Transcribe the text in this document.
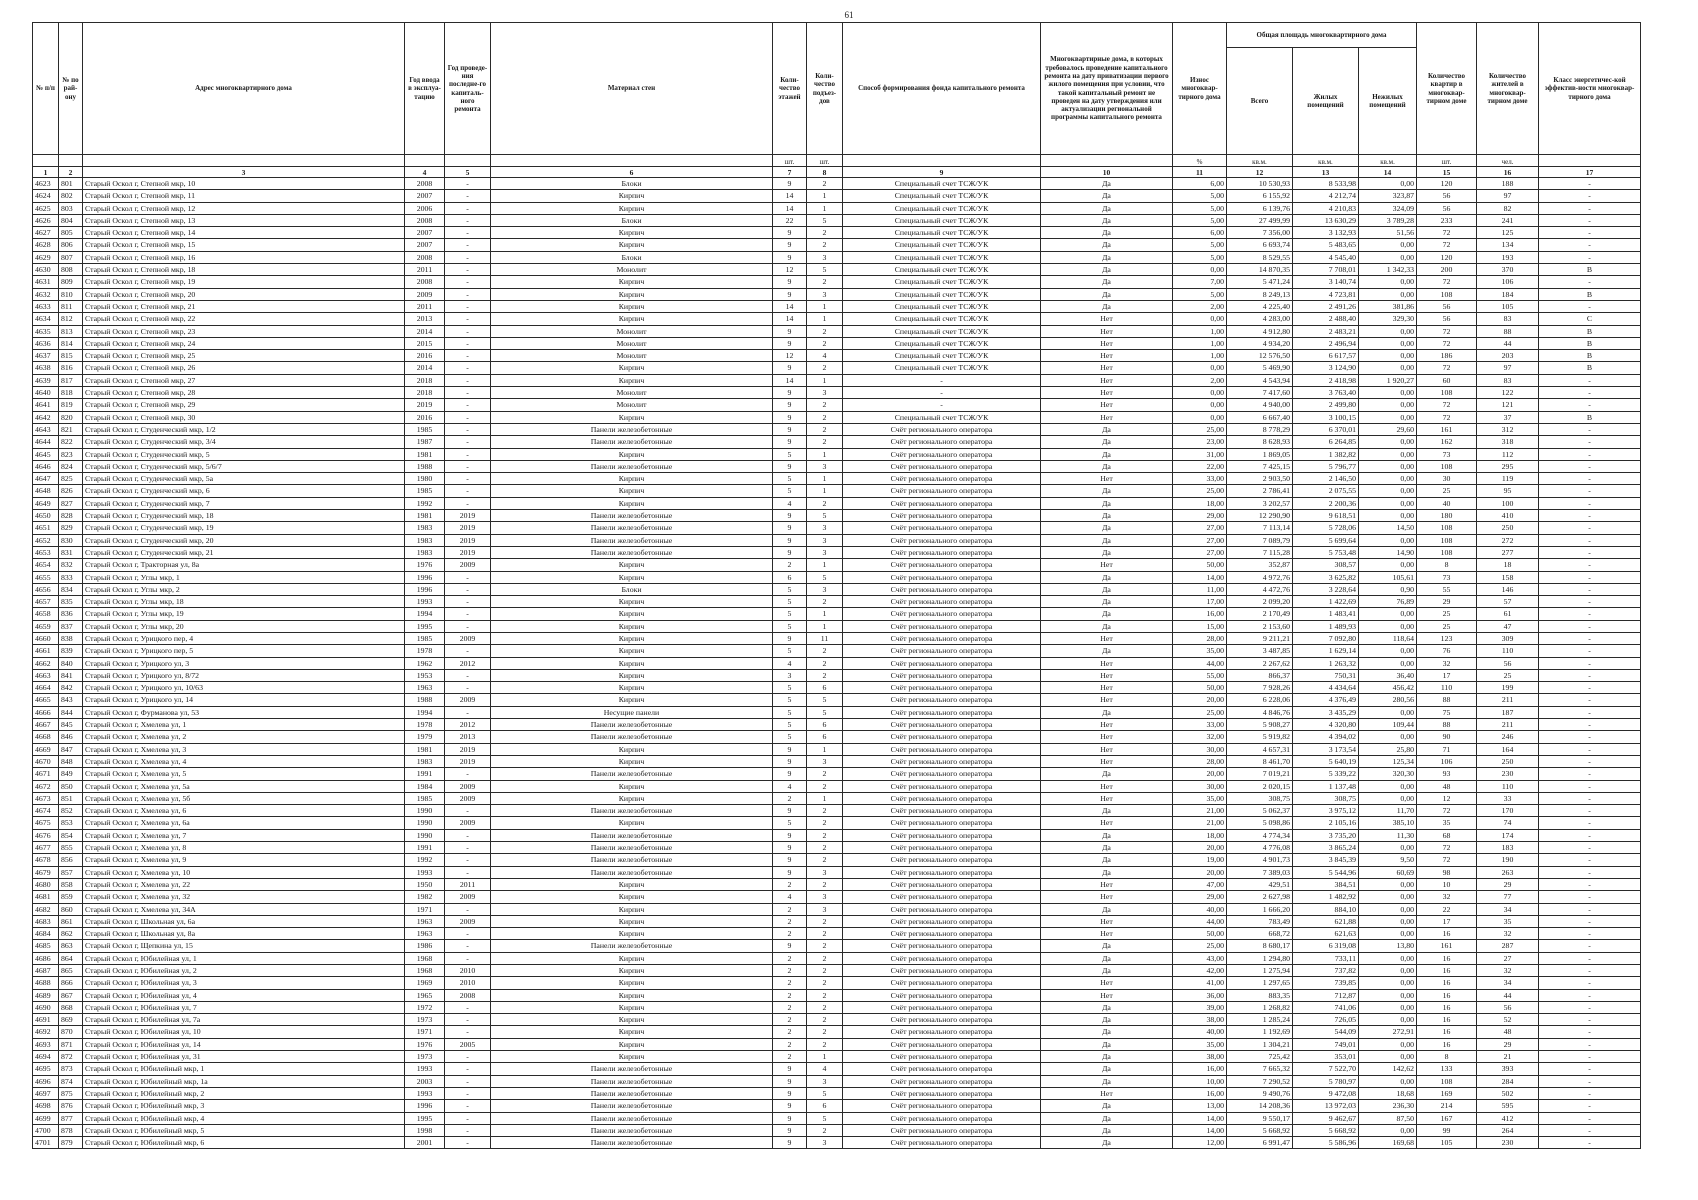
61
№ п/п	№ по рай-ону	Адрес многоквартирного дома	Год ввода в эксплуа-тацию	Год проведе-ния последне-го капиталь-ного ремонта	Материал стен	Коли-чество этажей	Коли-чество подъез-дов	Способ формирования фонда капитального ремонта	Многоквартирные дома, в которых требовалось проведение капитального ремонта на дату приватизации первого жилого помещения при условии, что такой капитальный ремонт не проведен на дату утверждения или актуализации региональной программы капитального ремонта	Износ многоквар-тирного дома	Общая площадь многоквартирного дома			Количество квартир в многоквар-тирном доме	Количество жителей в многоквар-тирном доме	Класс энергетичес-кой эффектив-ности многоквар-тирного дома
											Всего	Жилых помещений	Нежилых помещений			
						шт.	шт.			%	кв.м.	кв.м.	кв.м.	шт.	чел.	
1	2	3	4	5	6	7	8	9	10	11	12	13	14	15	16	17
4623	801	Старый Оскол г, Степной мкр, 10	2008	-	Блоки	9	2	Специальный счет ТСЖ/УК	Да	6,00	10 530,93	8 533,98	0,00	120	188	-
4624	802	Старый Оскол г, Степной мкр, 11	2007	-	Кирпич	14	1	Специальный счет ТСЖ/УК	Да	5,00	6 155,92	4 212,74	323,87	56	97	-
4625	803	Старый Оскол г, Степной мкр, 12	2006	-	Кирпич	14	1	Специальный счет ТСЖ/УК	Да	5,00	6 139,76	4 210,83	324,09	56	82	-
4626	804	Старый Оскол г, Степной мкр, 13	2008	-	Блоки	22	5	Специальный счет ТСЖ/УК	Да	5,00	27 499,99	13 630,29	3 789,28	233	241	-
4627	805	Старый Оскол г, Степной мкр, 14	2007	-	Кирпич	9	2	Специальный счет ТСЖ/УК	Да	6,00	7 356,00	3 132,93	51,56	72	125	-
4628	806	Старый Оскол г, Степной мкр, 15	2007	-	Кирпич	9	2	Специальный счет ТСЖ/УК	Да	5,00	6 693,74	5 483,65	0,00	72	134	-
4629	807	Старый Оскол г, Степной мкр, 16	2008	-	Блоки	9	3	Специальный счет ТСЖ/УК	Да	5,00	8 529,55	4 545,40	0,00	120	193	-
4630	808	Старый Оскол г, Степной мкр, 18	2011	-	Монолит	12	5	Специальный счет ТСЖ/УК	Да	0,00	14 870,35	7 708,01	1 342,33	200	370	B
4631	809	Старый Оскол г, Степной мкр, 19	2008	-	Кирпич	9	2	Специальный счет ТСЖ/УК	Да	7,00	5 471,24	3 140,74	0,00	72	106	-
4632	810	Старый Оскол г, Степной мкр, 20	2009	-	Кирпич	9	3	Специальный счет ТСЖ/УК	Да	5,00	8 249,13	4 723,81	0,00	108	184	B
4633	811	Старый Оскол г, Степной мкр, 21	2011	-	Кирпич	14	1	Специальный счет ТСЖ/УК	Да	2,00	4 225,40	2 491,26	381,86	56	105	-
4634	812	Старый Оскол г, Степной мкр, 22	2013	-	Кирпич	14	1	Специальный счет ТСЖ/УК	Нет	0,00	4 283,00	2 488,40	329,30	56	83	C
4635	813	Старый Оскол г, Степной мкр, 23	2014	-	Монолит	9	2	Специальный счет ТСЖ/УК	Нет	1,00	4 912,80	2 483,21	0,00	72	88	B
4636	814	Старый Оскол г, Степной мкр, 24	2015	-	Монолит	9	2	Специальный счет ТСЖ/УК	Нет	1,00	4 934,20	2 496,94	0,00	72	44	B
4637	815	Старый Оскол г, Степной мкр, 25	2016	-	Монолит	12	4	Специальный счет ТСЖ/УК	Нет	1,00	12 576,50	6 617,57	0,00	186	203	B
4638	816	Старый Оскол г, Степной мкр, 26	2014	-	Кирпич	9	2	Специальный счет ТСЖ/УК	Нет	0,00	5 469,90	3 124,90	0,00	72	97	B
4639	817	Старый Оскол г, Степной мкр, 27	2018	-	Кирпич	14	1	-	Нет	2,00	4 543,94	2 418,98	1 920,27	60	83	-
4640	818	Старый Оскол г, Степной мкр, 28	2018	-	Монолит	9	3	-	Нет	0,00	7 417,60	3 763,40	0,00	108	122	-
4641	819	Старый Оскол г, Степной мкр, 29	2019	-	Монолит	9	2	-	Нет	0,00	4 940,00	2 499,80	0,00	72	121	-
4642	820	Старый Оскол г, Степной мкр, 30	2016	-	Кирпич	9	2	Специальный счет ТСЖ/УК	Нет	0,00	6 667,40	3 100,15	0,00	72	37	B
4643	821	Старый Оскол г, Студенческий мкр, 1/2	1985	-	Панели железобетонные	9	2	Счёт регионального оператора	Да	25,00	8 778,29	6 370,01	29,60	161	312	-
4644	822	Старый Оскол г, Студенческий мкр, 3/4	1987	-	Панели железобетонные	9	2	Счёт регионального оператора	Да	23,00	8 628,93	6 264,85	0,00	162	318	-
4645	823	Старый Оскол г, Студенческий мкр, 5	1981	-	Кирпич	5	1	Счёт регионального оператора	Да	31,00	1 869,05	1 382,82	0,00	73	112	-
4646	824	Старый Оскол г, Студенческий мкр, 5/6/7	1988	-	Панели железобетонные	9	3	Счёт регионального оператора	Да	22,00	7 425,15	5 796,77	0,00	108	295	-
4647	825	Старый Оскол г, Студенческий мкр, 5а	1980	-	Кирпич	5	1	Счёт регионального оператора	Нет	33,00	2 903,50	2 146,50	0,00	30	119	-
4648	826	Старый Оскол г, Студенческий мкр, 6	1985	-	Кирпич	5	1	Счёт регионального оператора	Да	25,00	2 786,41	2 075,55	0,00	25	95	-
4649	827	Старый Оскол г, Студенческий мкр, 7	1992	-	Кирпич	4	2	Счёт регионального оператора	Да	18,00	3 202,57	2 200,36	0,00	40	100	-
4650	828	Старый Оскол г, Студенческий мкр, 18	1981	2019	Панели железобетонные	9	5	Счёт регионального оператора	Да	29,00	12 290,90	9 618,51	0,00	180	410	-
4651	829	Старый Оскол г, Студенческий мкр, 19	1983	2019	Панели железобетонные	9	3	Счёт регионального оператора	Да	27,00	7 113,14	5 728,06	14,50	108	250	-
4652	830	Старый Оскол г, Студенческий мкр, 20	1983	2019	Панели железобетонные	9	3	Счёт регионального оператора	Да	27,00	7 089,79	5 699,64	0,00	108	272	-
4653	831	Старый Оскол г, Студенческий мкр, 21	1983	2019	Панели железобетонные	9	3	Счёт регионального оператора	Да	27,00	7 115,28	5 753,48	14,90	108	277	-
4654	832	Старый Оскол г, Тракторная ул, 8а	1976	2009	Кирпич	2	1	Счёт регионального оператора	Нет	50,00	352,87	308,57	0,00	8	18	-
4655	833	Старый Оскол г, Углы мкр, 1	1996	-	Кирпич	6	5	Счёт регионального оператора	Да	14,00	4 972,76	3 625,82	105,61	73	158	-
4656	834	Старый Оскол г, Углы мкр, 2	1996	-	Блоки	5	3	Счёт регионального оператора	Да	11,00	4 472,76	3 228,64	0,90	55	146	-
4657	835	Старый Оскол г, Углы мкр, 18	1993	-	Кирпич	5	2	Счёт регионального оператора	Да	17,00	2 099,20	1 422,69	76,89	29	57	-
4658	836	Старый Оскол г, Углы мкр, 19	1994	-	Кирпич	5	1	Счёт регионального оператора	Да	16,00	2 170,49	1 483,41	0,00	25	61	-
4659	837	Старый Оскол г, Углы мкр, 20	1995	-	Кирпич	5	1	Счёт регионального оператора	Да	15,00	2 153,60	1 489,93	0,00	25	47	-
4660	838	Старый Оскол г, Урицкого пер, 4	1985	2009	Кирпич	9	11	Счёт регионального оператора	Нет	28,00	9 211,21	7 092,80	118,64	123	309	-
4661	839	Старый Оскол г, Урицкого пер, 5	1978	-	Кирпич	5	2	Счёт регионального оператора	Да	35,00	3 487,85	1 629,14	0,00	76	110	-
4662	840	Старый Оскол г, Урицкого ул, 3	1962	2012	Кирпич	4	2	Счёт регионального оператора	Нет	44,00	2 267,62	1 263,32	0,00	32	56	-
4663	841	Старый Оскол г, Урицкого ул, 8/72	1953	-	Кирпич	3	2	Счёт регионального оператора	Нет	55,00	866,37	750,31	36,40	17	25	-
4664	842	Старый Оскол г, Урицкого ул, 10/63	1963	-	Кирпич	5	6	Счёт регионального оператора	Нет	50,00	7 928,26	4 434,64	456,42	110	199	-
4665	843	Старый Оскол г, Урицкого ул, 14	1988	2009	Кирпич	5	5	Счёт регионального оператора	Нет	20,00	6 228,06	4 376,49	280,56	88	211	-
4666	844	Старый Оскол г, Фурманова ул, 53	1994	-	Несущие панели	5	5	Счёт регионального оператора	Да	25,00	4 846,76	3 435,29	0,00	75	187	-
4667	845	Старый Оскол г, Хмелева ул, 1	1978	2012	Панели железобетонные	5	6	Счёт регионального оператора	Нет	33,00	5 908,27	4 320,80	109,44	88	211	-
4668	846	Старый Оскол г, Хмелева ул, 2	1979	2013	Панели железобетонные	5	6	Счёт регионального оператора	Нет	32,00	5 919,82	4 394,02	0,00	90	246	-
4669	847	Старый Оскол г, Хмелева ул, 3	1981	2019	Кирпич	9	1	Счёт регионального оператора	Нет	30,00	4 657,31	3 173,54	25,80	71	164	-
4670	848	Старый Оскол г, Хмелева ул, 4	1983	2019	Кирпич	9	3	Счёт регионального оператора	Нет	28,00	8 461,70	5 640,19	125,34	106	250	-
4671	849	Старый Оскол г, Хмелева ул, 5	1991	-	Панели железобетонные	9	2	Счёт регионального оператора	Да	20,00	7 019,21	5 339,22	320,30	93	230	-
4672	850	Старый Оскол г, Хмелева ул, 5а	1984	2009	Кирпич	4	2	Счёт регионального оператора	Нет	30,00	2 020,15	1 137,48	0,00	48	110	-
4673	851	Старый Оскол г, Хмелева ул, 5б	1985	2009	Кирпич	2	1	Счёт регионального оператора	Нет	35,00	308,75	308,75	0,00	12	33	-
4674	852	Старый Оскол г, Хмелева ул, 6	1990	-	Панели железобетонные	9	2	Счёт регионального оператора	Да	21,00	5 062,37	3 975,12	11,70	72	170	-
4675	853	Старый Оскол г, Хмелева ул, 6а	1990	2009	Кирпич	5	2	Счёт регионального оператора	Нет	21,00	5 098,86	2 105,16	385,10	35	74	-
4676	854	Старый Оскол г, Хмелева ул, 7	1990	-	Панели железобетонные	9	2	Счёт регионального оператора	Да	18,00	4 774,34	3 735,20	11,30	68	174	-
4677	855	Старый Оскол г, Хмелева ул, 8	1991	-	Панели железобетонные	9	2	Счёт регионального оператора	Да	20,00	4 776,08	3 865,24	0,00	72	183	-
4678	856	Старый Оскол г, Хмелева ул, 9	1992	-	Панели железобетонные	9	2	Счёт регионального оператора	Да	19,00	4 901,73	3 845,39	9,50	72	190	-
4679	857	Старый Оскол г, Хмелева ул, 10	1993	-	Панели железобетонные	9	3	Счёт регионального оператора	Да	20,00	7 389,03	5 544,96	60,69	98	263	-
4680	858	Старый Оскол г, Хмелева ул, 22	1950	2011	Кирпич	2	2	Счёт регионального оператора	Нет	47,00	429,51	384,51	0,00	10	29	-
4681	859	Старый Оскол г, Хмелева ул, 32	1982	2009	Кирпич	4	3	Счёт регионального оператора	Нет	29,00	2 627,98	1 482,92	0,00	32	77	-
4682	860	Старый Оскол г, Хмелева ул, 34А	1971	-	Кирпич	2	3	Счёт регионального оператора	Да	40,00	1 666,20	884,10	0,00	22	34	-
4683	861	Старый Оскол г, Школьная ул, 6а	1963	2009	Кирпич	2	2	Счёт регионального оператора	Нет	44,00	783,49	621,88	0,00	17	35	-
4684	862	Старый Оскол г, Школьная ул, 8а	1963	-	Кирпич	2	2	Счёт регионального оператора	Нет	50,00	668,72	621,63	0,00	16	32	-
4685	863	Старый Оскол г, Щепкина ул, 15	1986	-	Панели железобетонные	9	2	Счёт регионального оператора	Да	25,00	8 680,17	6 319,08	13,80	161	287	-
4686	864	Старый Оскол г, Юбилейная ул, 1	1968	-	Кирпич	2	2	Счёт регионального оператора	Да	43,00	1 294,80	733,11	0,00	16	27	-
4687	865	Старый Оскол г, Юбилейная ул, 2	1968	2010	Кирпич	2	2	Счёт регионального оператора	Да	42,00	1 275,94	737,82	0,00	16	32	-
4688	866	Старый Оскол г, Юбилейная ул, 3	1969	2010	Кирпич	2	2	Счёт регионального оператора	Нет	41,00	1 297,65	739,85	0,00	16	34	-
4689	867	Старый Оскол г, Юбилейная ул, 4	1965	2008	Кирпич	2	2	Счёт регионального оператора	Нет	36,00	883,35	712,87	0,00	16	44	-
4690	868	Старый Оскол г, Юбилейная ул, 7	1972	-	Кирпич	2	2	Счёт регионального оператора	Да	39,00	1 268,82	741,06	0,00	16	56	-
4691	869	Старый Оскол г, Юбилейная ул, 7а	1973	-	Кирпич	2	2	Счёт регионального оператора	Да	38,00	1 285,24	726,05	0,00	16	52	-
4692	870	Старый Оскол г, Юбилейная ул, 10	1971	-	Кирпич	2	2	Счёт регионального оператора	Да	40,00	1 192,69	544,09	272,91	16	48	-
4693	871	Старый Оскол г, Юбилейная ул, 14	1976	2005	Кирпич	2	2	Счёт регионального оператора	Да	35,00	1 304,21	749,01	0,00	16	29	-
4694	872	Старый Оскол г, Юбилейная ул, 31	1973	-	Кирпич	2	1	Счёт регионального оператора	Да	38,00	725,42	353,01	0,00	8	21	-
4695	873	Старый Оскол г, Юбилейный мкр, 1	1993	-	Панели железобетонные	9	4	Счёт регионального оператора	Да	16,00	7 665,32	7 522,70	142,62	133	393	-
4696	874	Старый Оскол г, Юбилейный мкр, 1а	2003	-	Панели железобетонные	9	3	Счёт регионального оператора	Да	10,00	7 290,52	5 780,97	0,00	108	284	-
4697	875	Старый Оскол г, Юбилейный мкр, 2	1993	-	Панели железобетонные	9	5	Счёт регионального оператора	Нет	16,00	9 490,76	9 472,08	18,68	169	502	-
4698	876	Старый Оскол г, Юбилейный мкр, 3	1996	-	Панели железобетонные	9	6	Счёт регионального оператора	Да	13,00	14 208,36	13 972,03	236,30	214	595	-
4699	877	Старый Оскол г, Юбилейный мкр, 4	1995	-	Панели железобетонные	9	5	Счёт регионального оператора	Да	14,00	9 550,17	9 462,67	87,50	167	412	-
4700	878	Старый Оскол г, Юбилейный мкр, 5	1998	-	Панели железобетонные	9	2	Счёт регионального оператора	Да	14,00	5 668,92	5 668,92	0,00	99	264	-
4701	879	Старый Оскол г, Юбилейный мкр, 6	2001	-	Панели железобетонные	9	3	Счёт регионального оператора	Да	12,00	6 991,47	5 586,96	169,68	105	230	-
